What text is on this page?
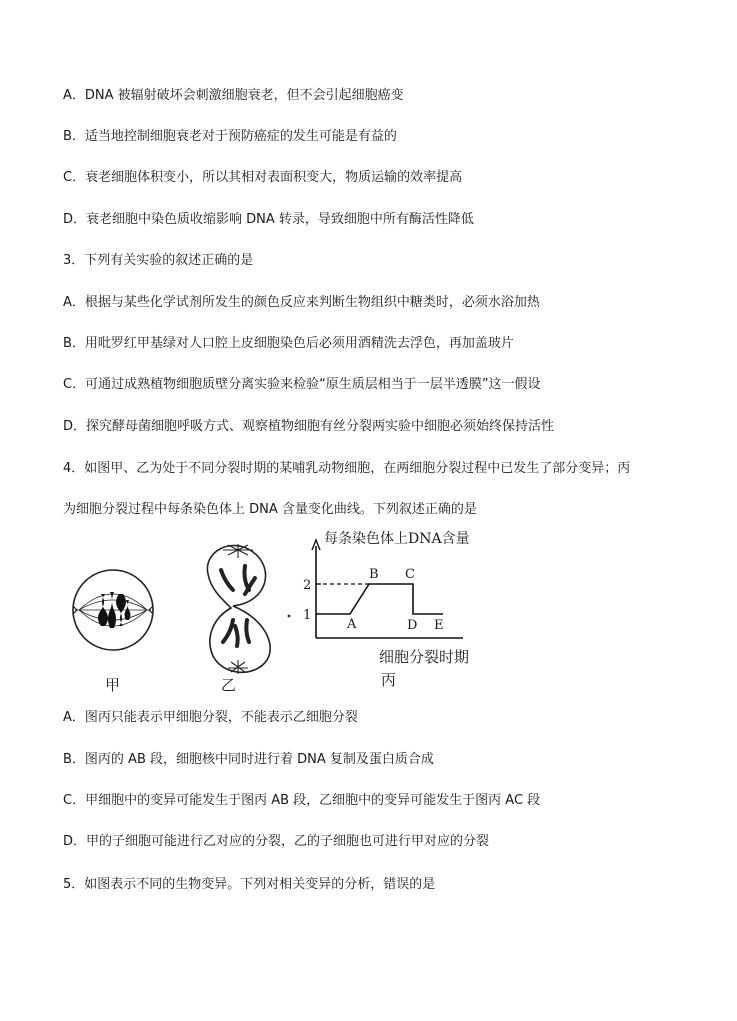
A．DNA 被辐射破坏会刺激细胞衰老，但不会引起细胞癌变
B．适当地控制细胞衰老对于预防癌症的发生可能是有益的
C．衰老细胞体积变小，所以其相对表面积变大，物质运输的效率提高
D．衰老细胞中染色质收缩影响 DNA 转录，导致细胞中所有酶活性降低
3．下列有关实验的叙述正确的是
A．根据与某些化学试剂所发生的颜色反应来判断生物组织中糖类时，必须水浴加热
B．用吡罗红甲基绿对人口腔上皮细胞染色后必须用酒精洗去浮色，再加盖玻片
C．可通过成熟植物细胞质壁分离实验来检验“原生质层相当于一层半透膜”这一假设
D．探究酵母菌细胞呼吸方式、观察植物细胞有丝分裂两实验中细胞必须始终保持活性
4．如图甲、乙为处于不同分裂时期的某哺乳动物细胞，在两细胞分裂过程中已发生了部分变异；丙
为细胞分裂过程中每条染色体上 DNA 含量变化曲线。下列叙述正确的是
每条染色体上DNA含量
2
1
A
B C
D E
细胞分裂时期
丙
甲	乙
A．图丙只能表示甲细胞分裂，不能表示乙细胞分裂
B．图丙的 AB 段，细胞核中同时进行着 DNA 复制及蛋白质合成
C．甲细胞中的变异可能发生于图丙 AB 段，乙细胞中的变异可能发生于图丙 AC 段
D．甲的子细胞可能进行乙对应的分裂，乙的子细胞也可进行甲对应的分裂
5．如图表示不同的生物变异。下列对相关变异的分析，错误的是
